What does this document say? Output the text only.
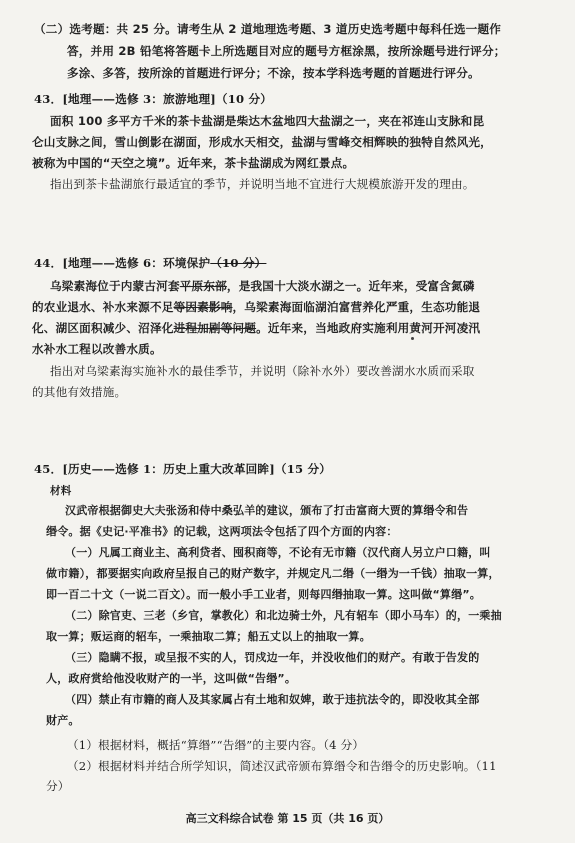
（二）选考题：共 25 分。请考生从 2 道地理选考题、3 道历史选考题中每科任选一题作
答，并用 2B 铅笔将答题卡上所选题目对应的题号方框涂黑，按所涂题号进行评分；
多涂、多答，按所涂的首题进行评分；不涂，按本学科选考题的首题进行评分。
43．[地理——选修 3：旅游地理]（10 分）
面积 100 多平方千米的茶卡盐湖是柴达木盆地四大盐湖之一，夹在祁连山支脉和昆
仑山支脉之间，雪山倒影在湖面，形成水天相交，盐湖与雪峰交相辉映的独特自然风光，
被称为中国的“天空之境”。近年来，茶卡盐湖成为网红景点。
指出到茶卡盐湖旅行最适宜的季节，并说明当地不宜进行大规模旅游开发的理由。
44．[地理——选修 6：环境保护（10 分）
乌梁素海位于内蒙古河套平原东部，是我国十大淡水湖之一。近年来，受富含氮磷
的农业退水、补水来源不足等因素影响，乌梁素海面临湖泊富营养化严重，生态功能退
化、湖区面积减少、沼泽化进程加剧等问题。近年来，当地政府实施利用黄河开河凌汛
水补水工程以改善水质。
指出对乌梁素海实施补水的最佳季节，并说明（除补水外）要改善湖水水质而采取
的其他有效措施。
45．[历史——选修 1：历史上重大改革回眸]（15 分）
材料
汉武帝根据御史大夫张汤和侍中桑弘羊的建议，颁布了打击富商大贾的算缗令和告
缗令。据《史记·平准书》的记载，这两项法令包括了四个方面的内容：
（一）凡属工商业主、高利贷者、囤积商等，不论有无市籍（汉代商人另立户口籍，叫
做市籍），都要据实向政府呈报自己的财产数字，并规定凡二缗（一缗为一千钱）抽取一算，
即一百二十文（一说二百文）。而一般小手工业者，则每四缗抽取一算。这叫做“算缗”。
（二）除官吏、三老（乡官，掌教化）和北边骑士外，凡有轺车（即小马车）的，一乘抽
取一算；贩运商的轺车，一乘抽取二算；船五丈以上的抽取一算。
（三）隐瞒不报，或呈报不实的人，罚戍边一年，并没收他们的财产。有敢于告发的
人，政府赏给他没收财产的一半，这叫做“告缗”。
（四）禁止有市籍的商人及其家属占有土地和奴婢，敢于违抗法令的，即没收其全部
财产。
（1）根据材料，概括“算缗”“告缗”的主要内容。（4 分）
（2）根据材料并结合所学知识，简述汉武帝颁布算缗令和告缗令的历史影响。（11
分）
高三文科综合试卷 第 15 页（共 16 页）
